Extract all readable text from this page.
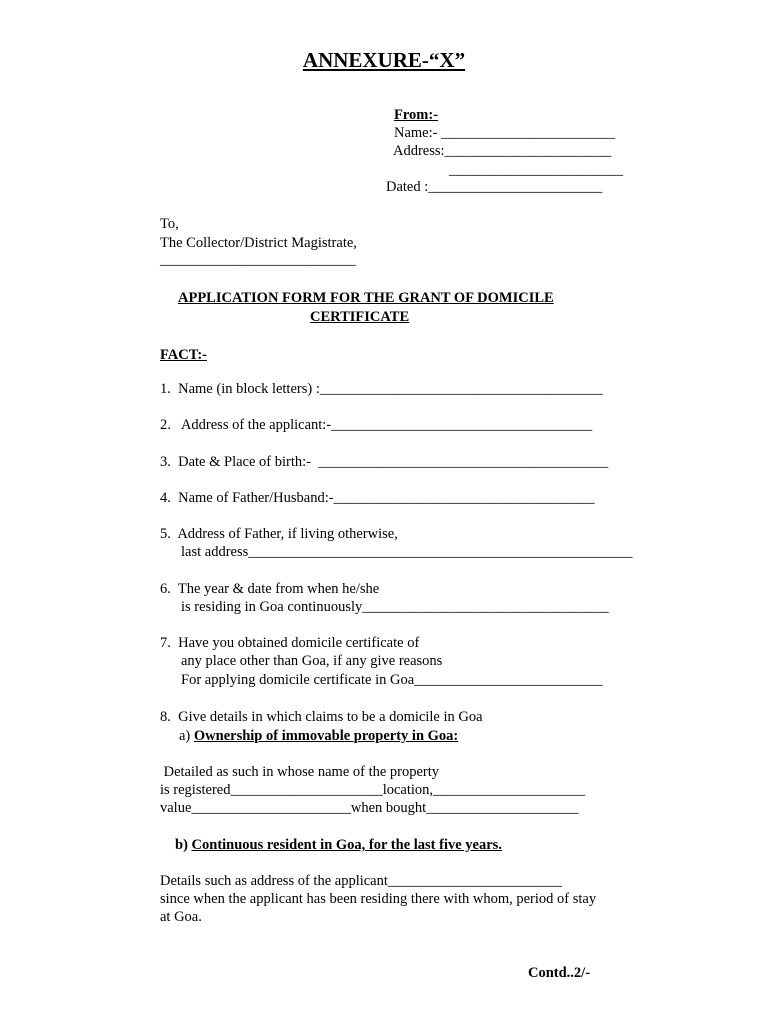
ANNEXURE-“X”
From:-
Name:- ________________________
Address:_______________________
________________________
Dated :________________________
To,
The Collector/District Magistrate,
___________________________
APPLICATION FORM FOR THE GRANT OF DOMICILE
CERTIFICATE
FACT:-
1.  Name (in block letters) :_______________________________________
2.   Address of the applicant:-____________________________________
3.  Date & Place of birth:-  ________________________________________
4.  Name of Father/Husband:-____________________________________
5.  Address of Father, if living otherwise,
last address_____________________________________________________
6.  The year & date from when he/she
is residing in Goa continuously__________________________________
7.  Have you obtained domicile certificate of
any place other than Goa, if any give reasons
For applying domicile certificate in Goa__________________________
8.  Give details in which claims to be a domicile in Goa
a) Ownership of immovable property in Goa:
Detailed as such in whose name of the property
is registered_____________________location,_____________________
value______________________when bought_____________________
b) Continuous resident in Goa, for the last five years.
Details such as address of the applicant________________________
since when the applicant has been residing there with whom, period of stay
at Goa.
Contd..2/-
